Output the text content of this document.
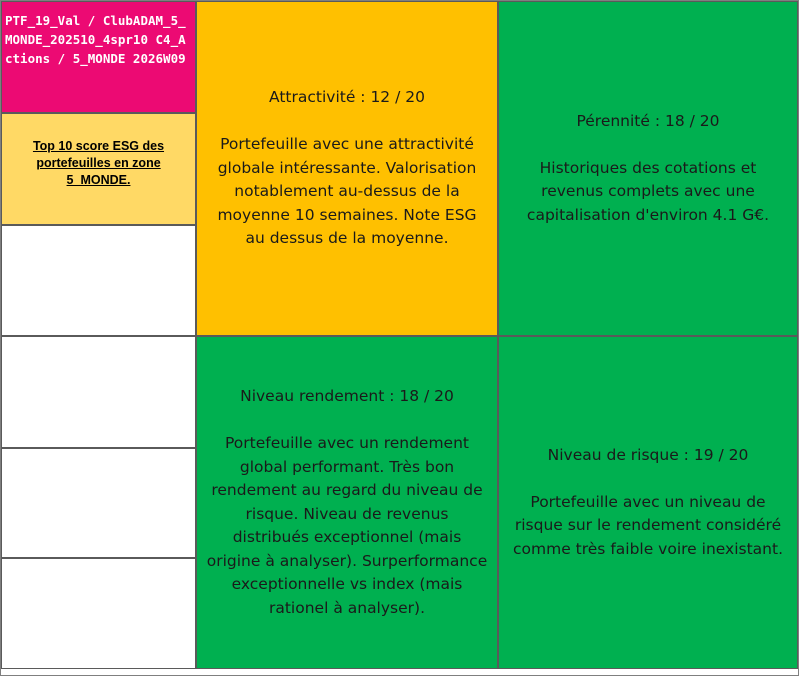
PTF_19_Val / ClubADAM_5_MONDE_202510_4spr10 C4_Actions / 5_MONDE 2026W09
Top 10 score ESG des portefeuilles en zone 5_MONDE.
Attractivité : 12 / 20
Portefeuille avec une attractivité globale intéressante. Valorisation notablement au-dessus de la moyenne 10 semaines. Note ESG au dessus de la moyenne.
Pérennité : 18 / 20
Historiques des cotations et revenus complets avec une capitalisation d'environ 4.1 G€.
Niveau rendement : 18 / 20
Portefeuille avec un rendement global performant. Très bon rendement au regard du niveau de risque. Niveau de revenus distribués exceptionnel (mais origine à analyser). Surperformance exceptionnelle vs index (mais rationel à analyser).
Niveau de risque : 19 / 20
Portefeuille avec un niveau de risque sur le rendement considéré comme très faible voire inexistant.
